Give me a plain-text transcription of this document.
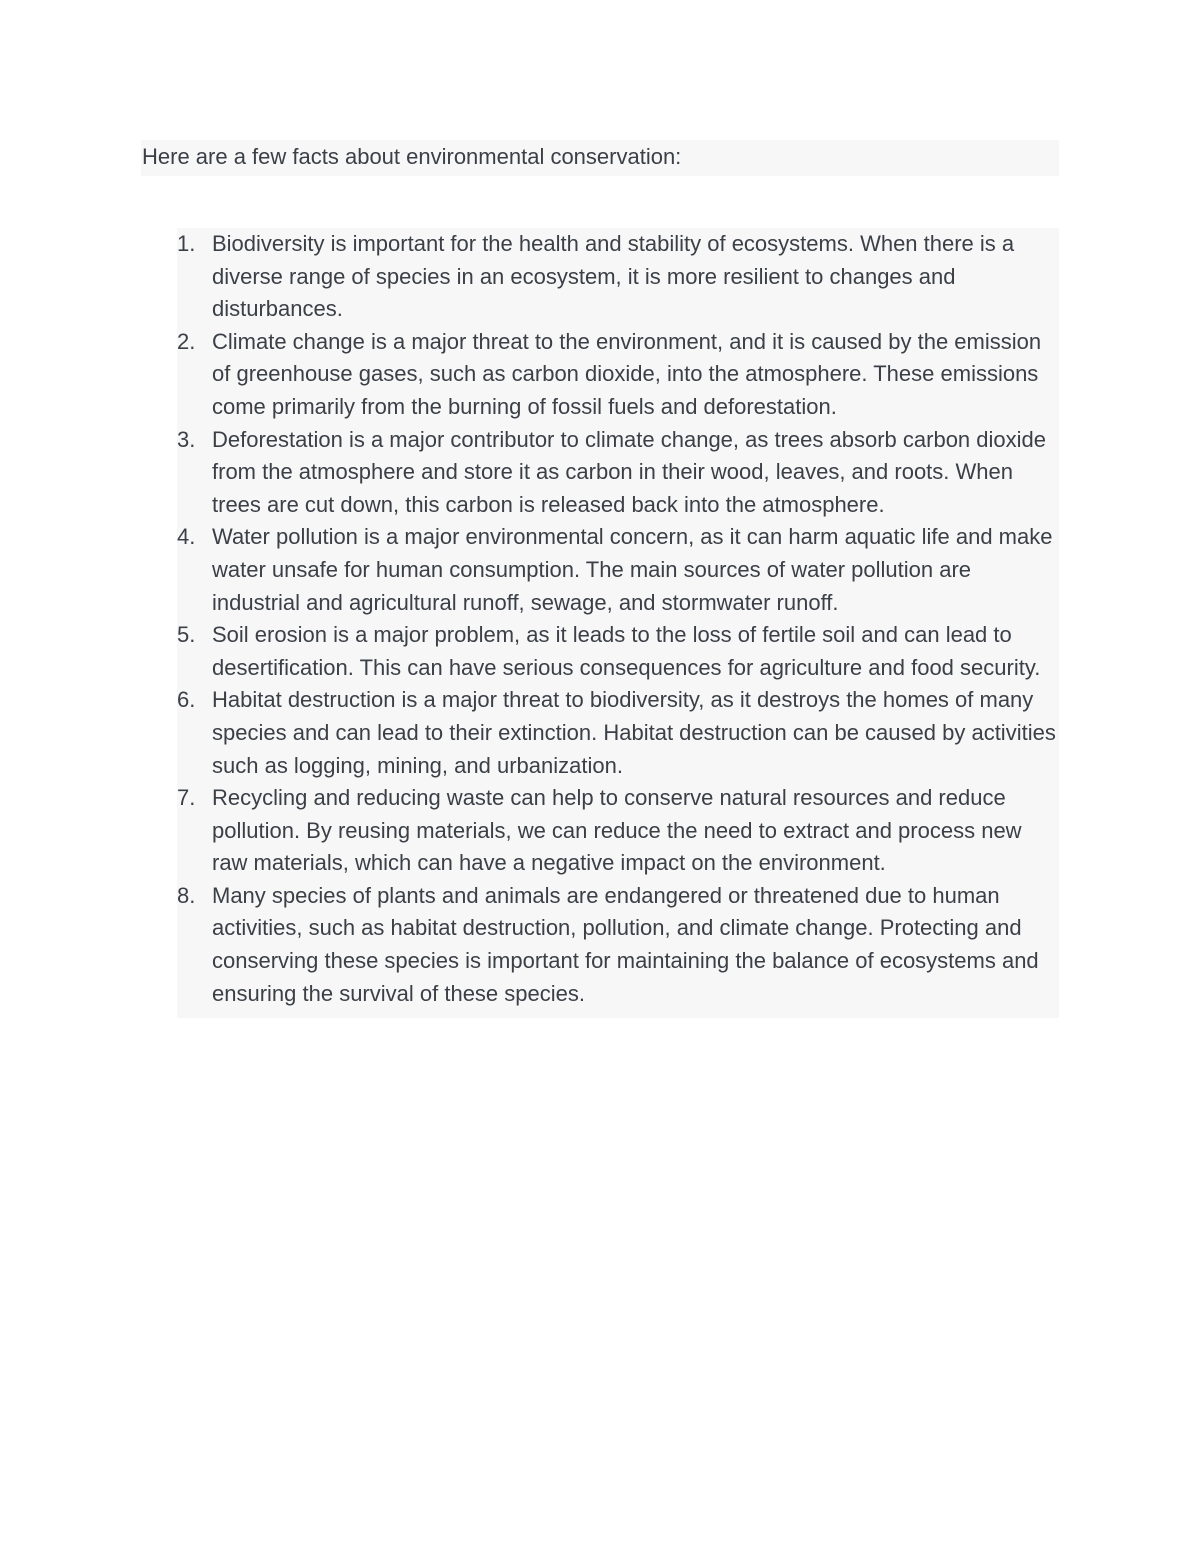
Here are a few facts about environmental conservation:
1. Biodiversity is important for the health and stability of ecosystems. When there is a diverse range of species in an ecosystem, it is more resilient to changes and disturbances.
2. Climate change is a major threat to the environment, and it is caused by the emission of greenhouse gases, such as carbon dioxide, into the atmosphere. These emissions come primarily from the burning of fossil fuels and deforestation.
3. Deforestation is a major contributor to climate change, as trees absorb carbon dioxide from the atmosphere and store it as carbon in their wood, leaves, and roots. When trees are cut down, this carbon is released back into the atmosphere.
4. Water pollution is a major environmental concern, as it can harm aquatic life and make water unsafe for human consumption. The main sources of water pollution are industrial and agricultural runoff, sewage, and stormwater runoff.
5. Soil erosion is a major problem, as it leads to the loss of fertile soil and can lead to desertification. This can have serious consequences for agriculture and food security.
6. Habitat destruction is a major threat to biodiversity, as it destroys the homes of many species and can lead to their extinction. Habitat destruction can be caused by activities such as logging, mining, and urbanization.
7. Recycling and reducing waste can help to conserve natural resources and reduce pollution. By reusing materials, we can reduce the need to extract and process new raw materials, which can have a negative impact on the environment.
8. Many species of plants and animals are endangered or threatened due to human activities, such as habitat destruction, pollution, and climate change. Protecting and conserving these species is important for maintaining the balance of ecosystems and ensuring the survival of these species.
